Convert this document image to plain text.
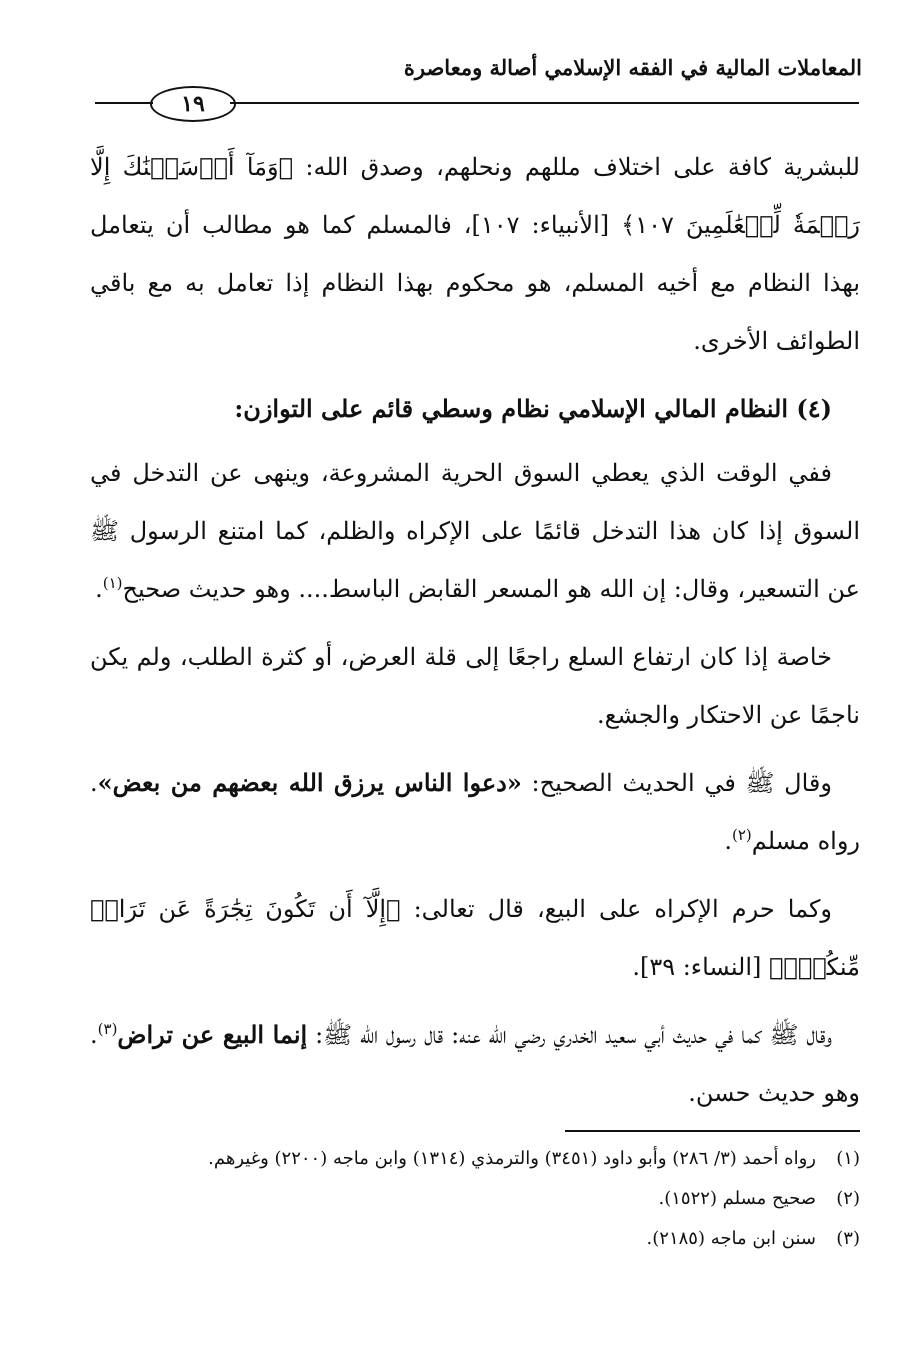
المعاملات المالية في الفقه الإسلامي أصالة ومعاصرة
١٩

للبشرية كافة على اختلاف مللهم ونحلهم، وصدق الله: ﴿وَمَآ أَرۡسَلۡنَٰكَ إِلَّا رَحۡمَةٗ لِّلۡعَٰلَمِينَ ١٠٧﴾ [الأنبياء: ١٠٧]، فالمسلم كما هو مطالب أن يتعامل بهذا النظام مع أخيه المسلم، هو محكوم بهذا النظام إذا تعامل به مع باقي الطوائف الأخرى.

(٤) النظام المالي الإسلامي نظام وسطي قائم على التوازن:

ففي الوقت الذي يعطي السوق الحرية المشروعة، وينهى عن التدخل في السوق إذا كان هذا التدخل قائمًا على الإكراه والظلم، كما امتنع الرسول ﷺ عن التسعير، وقال: إن الله هو المسعر القابض الباسط.... وهو حديث صحيح$^{(١)}$.

خاصة إذا كان ارتفاع السلع راجعًا إلى قلة العرض، أو كثرة الطلب، ولم يكن ناجمًا عن الاحتكار والجشع.

وقال ﷺ في الحديث الصحيح: «دعوا الناس يرزق الله بعضهم من بعض». رواه مسلم$^{(٢)}$.

وكما حرم الإكراه على البيع، قال تعالى: ﴿إِلَّآ أَن تَكُونَ تِجَٰرَةً عَن تَرَاضٖ مِّنكُمۡۚ﴾ [النساء: ٣٩].

وقال ﷺ كما في حديث أبي سعيد الخدري رضي الله عنه: قال رسول الله ﷺ: إنما البيع عن تراض$^{(٣)}$. وهو حديث حسن.

(١)
رواه أحمد (٣/ ٢٨٦) وأبو داود (٣٤٥١) والترمذي (١٣١٤) وابن ماجه (٢٢٠٠) وغيرهم.
(٢)
صحيح مسلم (١٥٢٢).
(٣)
سنن ابن ماجه (٢١٨٥).
